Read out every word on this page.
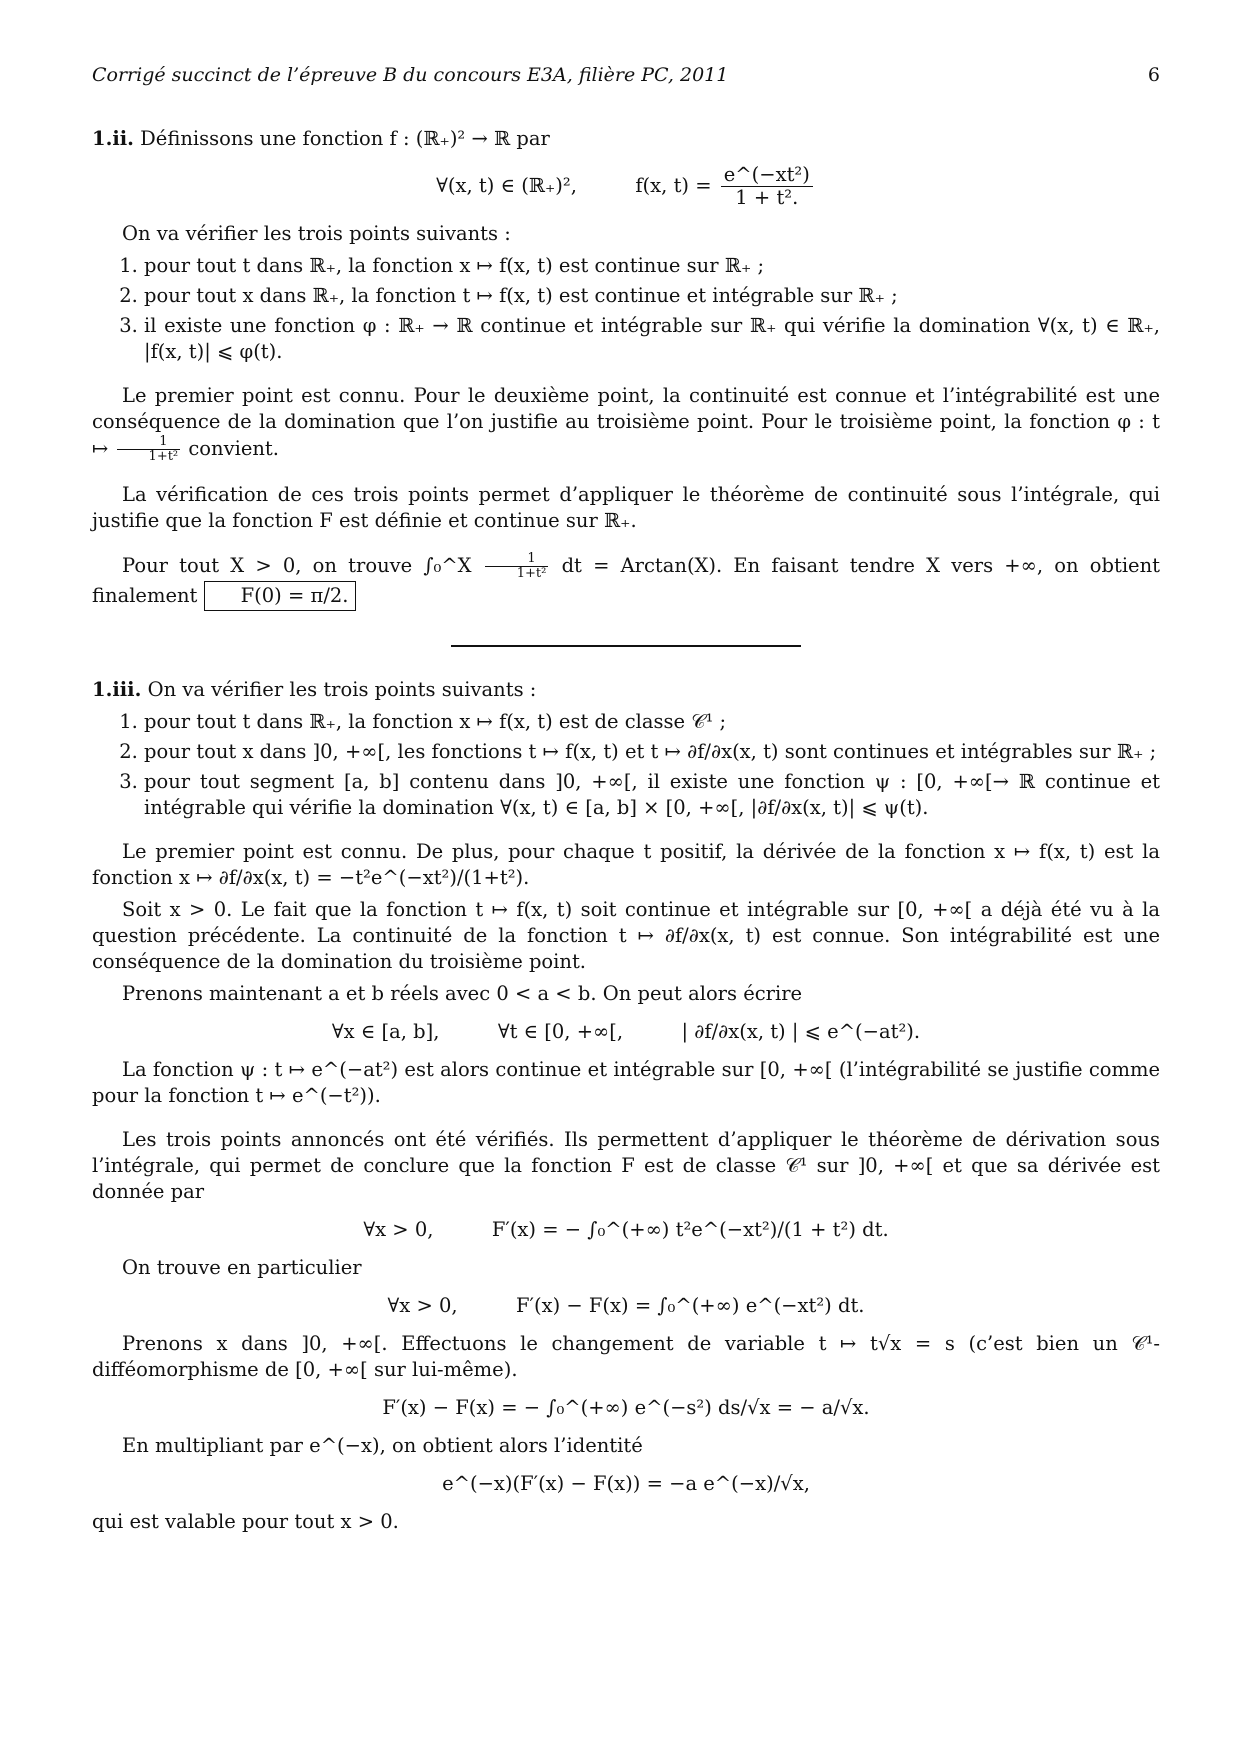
Corrigé succinct de l’épreuve B du concours E3A, filière PC, 2011	6

1.ii. Définissons une fonction f : (ℝ₊)² → ℝ par

∀(x, t) ∈ (ℝ₊)²,	f(x, $t) = \frac{\text{e\textasciicircum{}(−xt²)}}{\text{1 + t².}}$

On va vérifier les trois points suivants :

1. pour tout t dans ℝ₊, la fonction x ↦ f(x, t) est continue sur ℝ₊ ;
2. pour tout x dans ℝ₊, la fonction t ↦ f(x, t) est continue et intégrable sur ℝ₊ ;
3. il existe une fonction φ : ℝ₊ → ℝ continue et intégrable sur ℝ₊ qui vérifie la domination ∀(x, t) ∈ ℝ₊, |f(x, t)| ⩽ φ(t).

Le premier point est connu. Pour le deuxième point, la continuité est connue et l’intégrabilité est une conséquence de la domination que l’on justifie au troisième point. Pour le troisième point, la fonction φ : t ↦ $\frac{1}{\text{1+t²}}$ convient.

La vérification de ces trois points permet d’appliquer le théorème de continuité sous l’intégrale, qui justifie que la fonction F est définie et continue sur ℝ₊.

Pour tout X > 0, on trouve ∫₀^X $\frac{1}{\text{1+t²}}$ dt = Arctan(X). En faisant tendre X vers +∞, on obtient finalement F(0) = π/2.

1.iii. On va vérifier les trois points suivants :

1. pour tout t dans ℝ₊, la fonction x ↦ f(x, t) est de classe 𝒞¹ ;
2. pour tout x dans ]0, +∞[, les fonctions t ↦ f(x, t) et t ↦ ∂f/∂x(x, t) sont continues et intégrables sur ℝ₊ ;
3. pour tout segment [a, b] contenu dans ]0, +∞[, il existe une fonction ψ : [0, +∞[→ ℝ continue et intégrable qui vérifie la domination ∀(x, t) ∈ [a, b] × [0, +∞[, |∂f/∂x(x, t)| ⩽ ψ(t).

Le premier point est connu. De plus, pour chaque t positif, la dérivée de la fonction x ↦ f(x, t) est la fonction x ↦ ∂f/∂x(x, t) = −t²e^(−xt²)/(1+t²).

Soit x > 0. Le fait que la fonction t ↦ f(x, t) soit continue et intégrable sur [0, +∞[ a déjà été vu à la question précédente. La continuité de la fonction t ↦ ∂f/∂x(x, t) est connue. Son intégrabilité est une conséquence de la domination du troisième point.

Prenons maintenant a et b réels avec 0 < a < b. On peut alors écrire

∀x ∈ [a, b],	∀t ∈ [0, +∞[,	| ∂f/∂x(x, t) | ⩽ e^(−at²).

La fonction ψ : t ↦ e^(−at²) est alors continue et intégrable sur [0, +∞[ (l’intégrabilité se justifie comme pour la fonction t ↦ e^(−t²)).

Les trois points annoncés ont été vérifiés. Ils permettent d’appliquer le théorème de dérivation sous l’intégrale, qui permet de conclure que la fonction F est de classe 𝒞¹ sur ]0, +∞[ et que sa dérivée est donnée par

∀x > 0,	F′(x) = − ∫₀^(+∞) t²e^(−xt²)/(1 + t²) dt.

On trouve en particulier

∀x > 0,	F′(x) − F(x) = ∫₀^(+∞) e^(−xt²) dt.

Prenons x dans ]0, +∞[. Effectuons le changement de variable t ↦ t√x = s (c’est bien un 𝒞¹-difféomorphisme de [0, +∞[ sur lui-même).

F′(x) − F(x) = − ∫₀^(+∞) e^(−s²) ds/√x = − a/√x.

En multipliant par e^(−x), on obtient alors l’identité

e^(−x)(F′(x) − F(x)) = −a e^(−x)/√x,

qui est valable pour tout x > 0.
